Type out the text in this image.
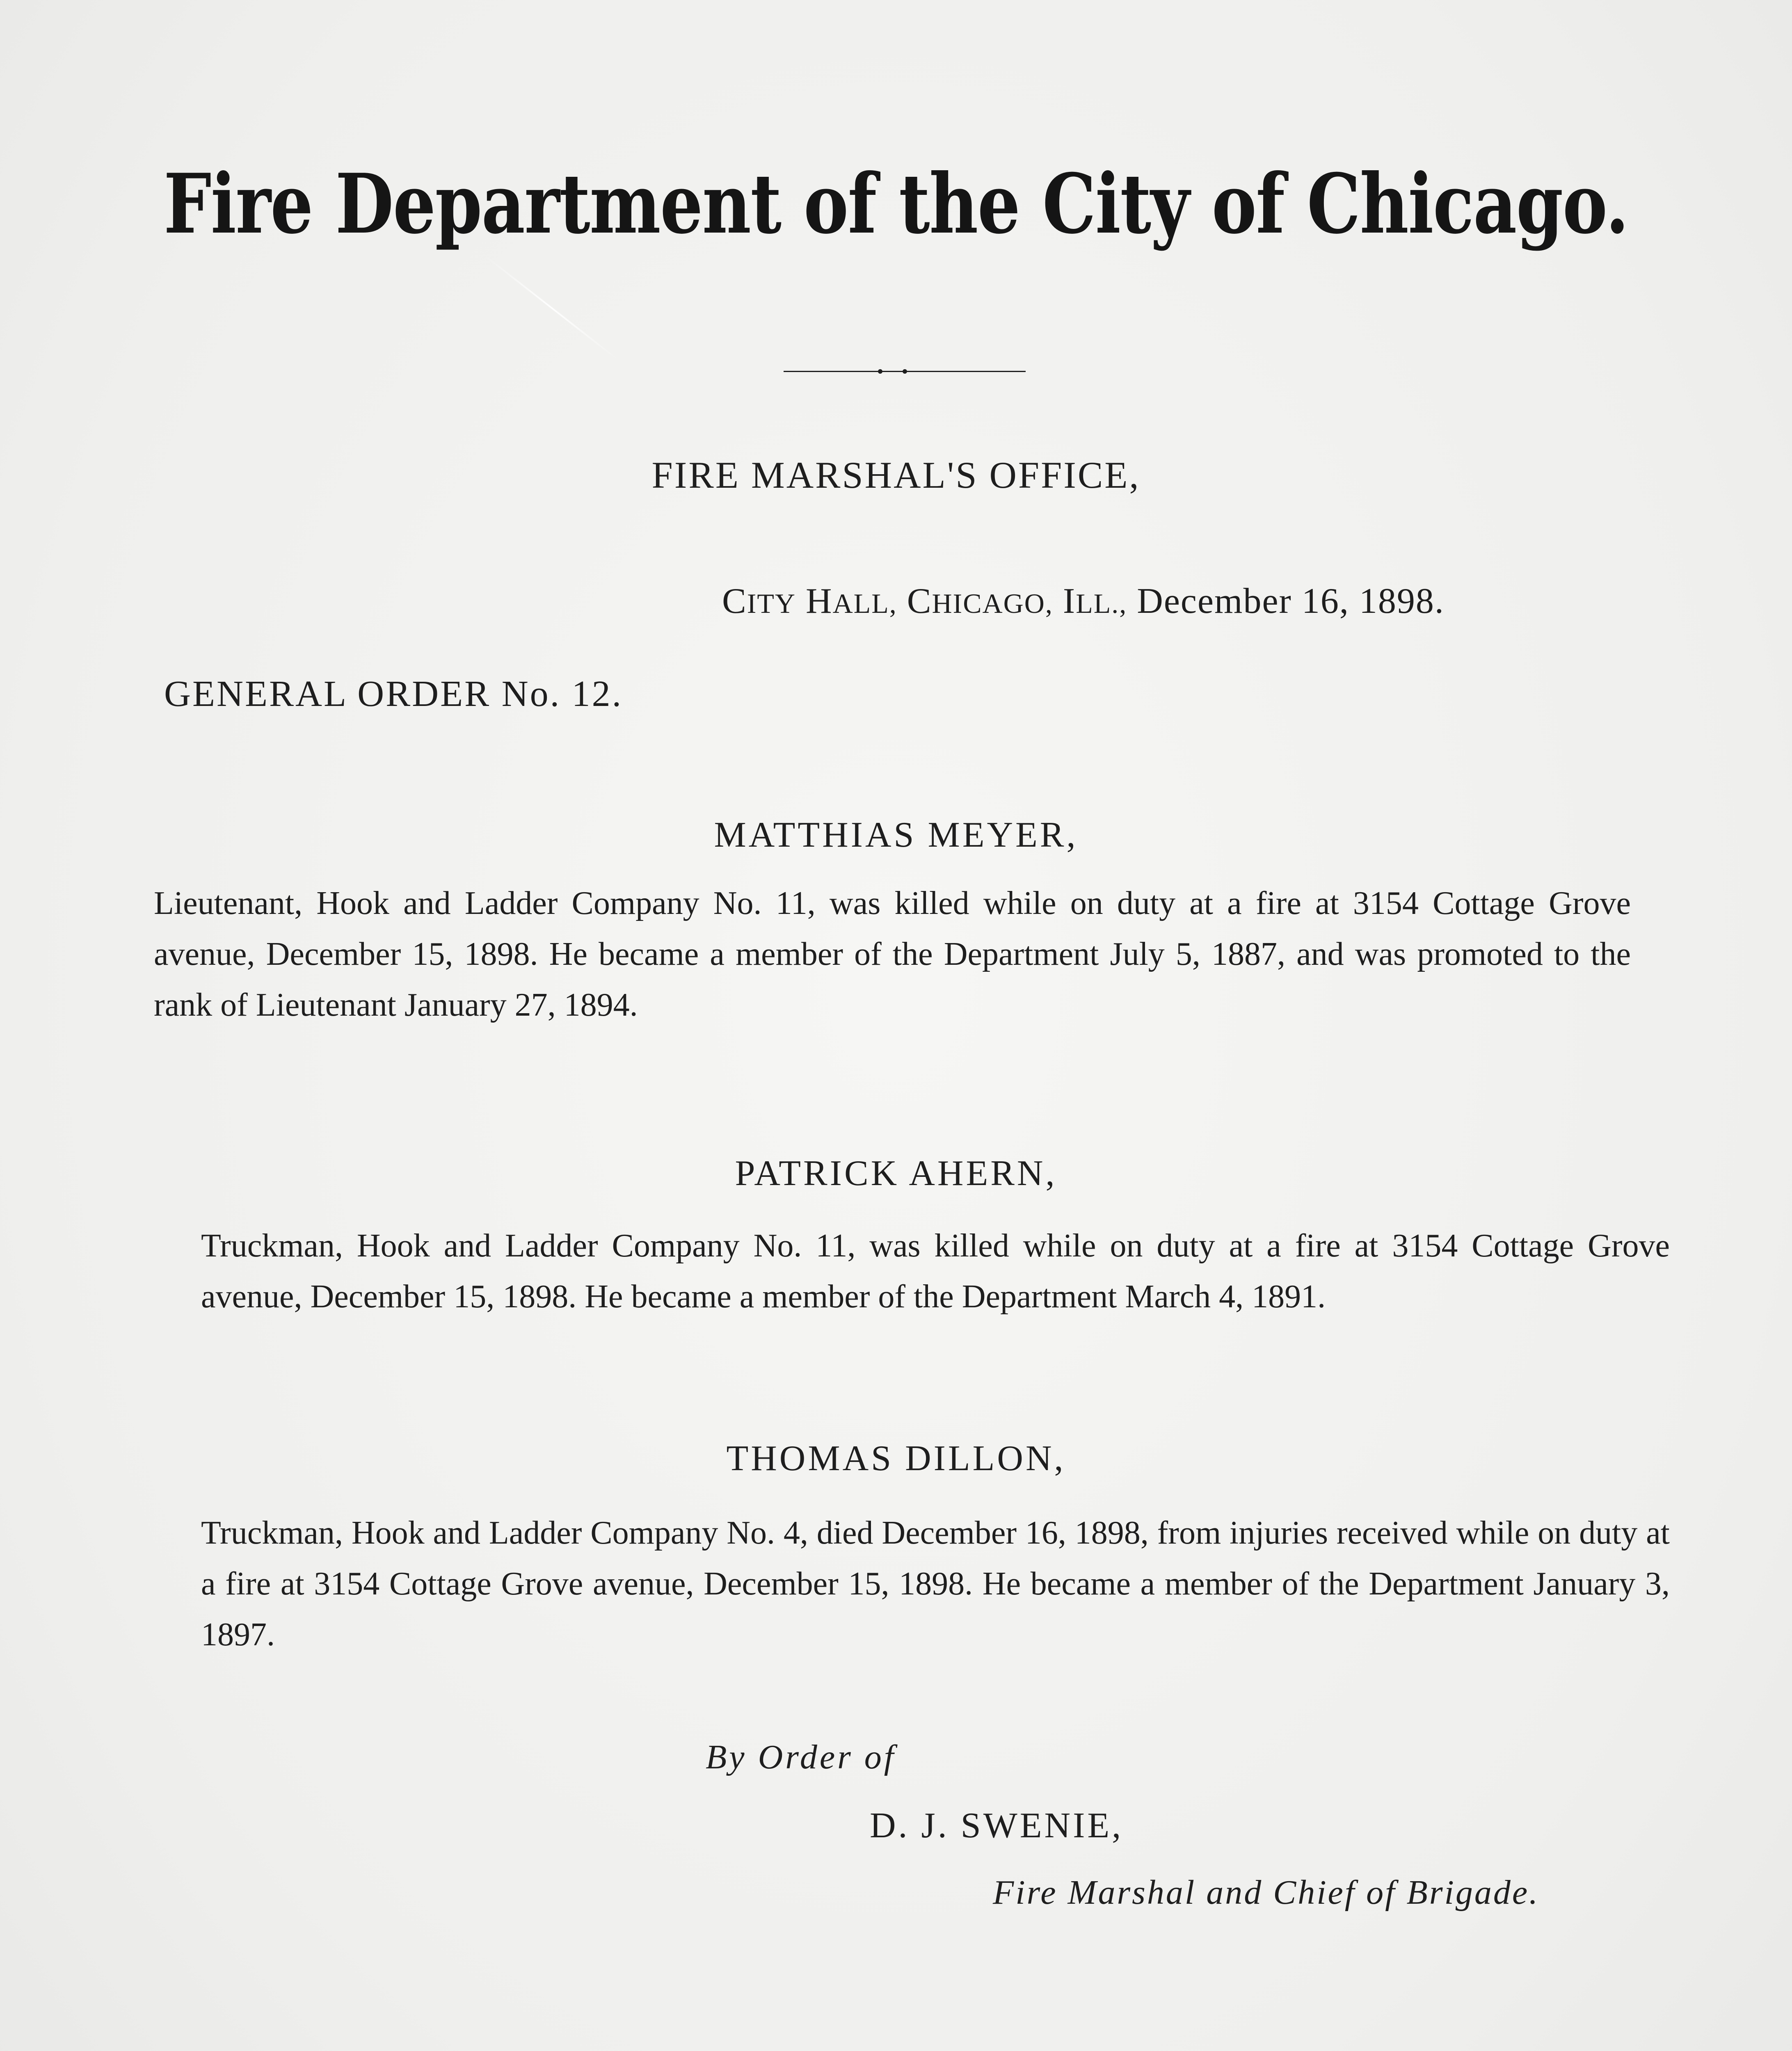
Fire Department of the City of Chicago.
FIRE MARSHAL'S OFFICE,
CITY HALL, CHICAGO, ILL., December 16, 1898.
GENERAL ORDER No. 12.
MATTHIAS MEYER,
Lieutenant, Hook and Ladder Company No. 11, was killed while on duty at a fire at 3154 Cottage Grove avenue, December 15, 1898. He became a member of the Department July 5, 1887, and was promoted to the rank of Lieutenant January 27, 1894.
PATRICK AHERN,
Truckman, Hook and Ladder Company No. 11, was killed while on duty at a fire at 3154 Cottage Grove avenue, December 15, 1898. He became a member of the Department March 4, 1891.
THOMAS DILLON,
Truckman, Hook and Ladder Company No. 4, died December 16, 1898, from injuries received while on duty at a fire at 3154 Cottage Grove avenue, December 15, 1898. He became a member of the Department January 3, 1897.
By Order of
D. J. SWENIE,
Fire Marshal and Chief of Brigade.
